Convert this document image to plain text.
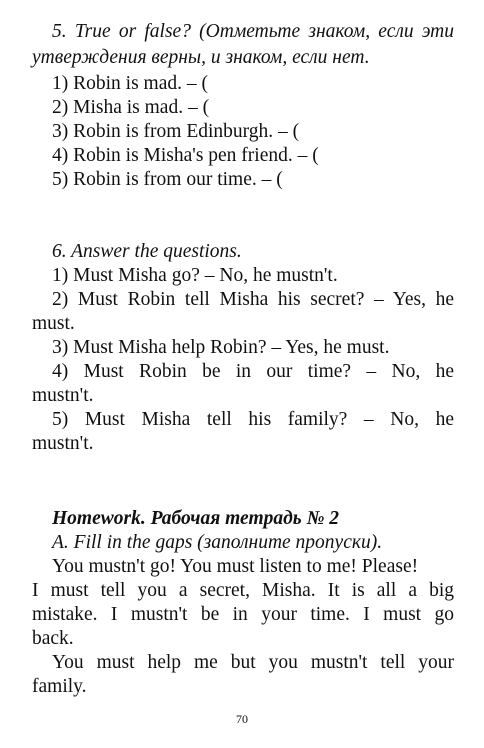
5. True or false? (Отметьте знаком, если эти
утверждения верны, и знаком, если нет.
1) Robin is mad. – (
2) Misha is mad. – (
3) Robin is from Edinburgh. – (
4) Robin is Misha's pen friend. – (
5) Robin is from our time. – (
6. Answer the questions.
1) Must Misha go? – No, he mustn't.
2) Must Robin tell Misha his secret? – Yes, he
must.
3) Must Misha help Robin? – Yes, he must.
4) Must Robin be in our time? – No, he
mustn't.
5) Must Misha tell his family? – No, he
mustn't.
Homework. Рабочая тетрадь № 2
A. Fill in the gaps (заполните пропуски).
You mustn't go! You must listen to me! Please!
I must tell you a secret, Misha. It is all a big
mistake. I mustn't be in your time. I must go
back.
You must help me but you mustn't tell your
family.
70
